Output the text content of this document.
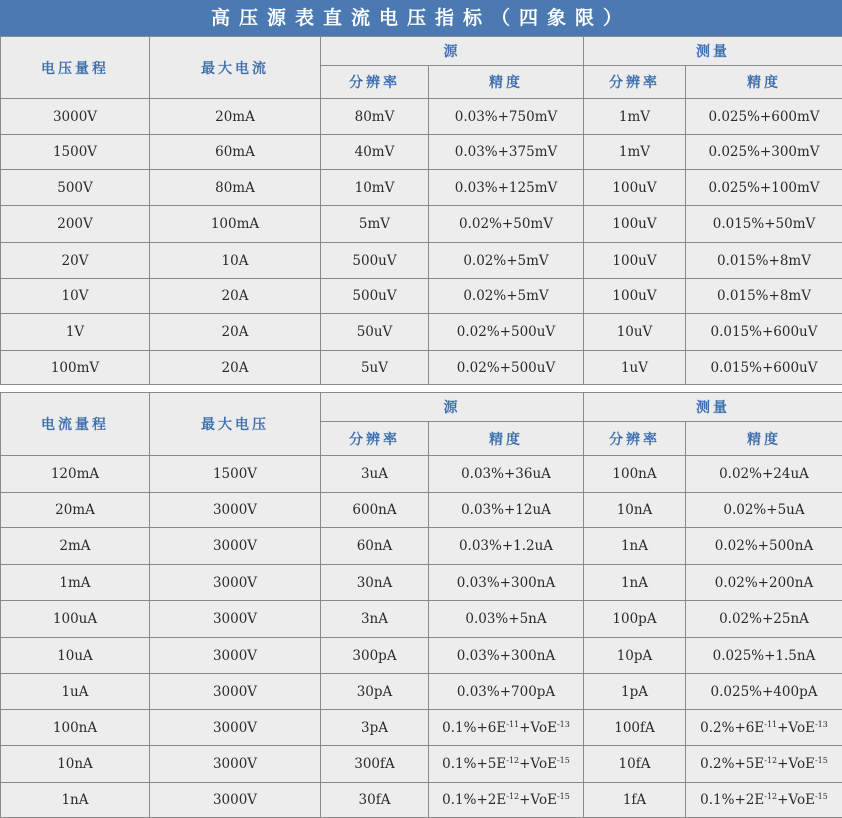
高压源表直流电压指标（四象限）
电压量程	最大电流	源		测量	
		分辨率	精度	分辨率	精度
3000V	20mA	80mV	0.03%+750mV	1mV	0.025%+600mV
1500V	60mA	40mV	0.03%+375mV	1mV	0.025%+300mV
500V	80mA	10mV	0.03%+125mV	100uV	0.025%+100mV
200V	100mA	5mV	0.02%+50mV	100uV	0.015%+50mV
20V	10A	500uV	0.02%+5mV	100uV	0.015%+8mV
10V	20A	500uV	0.02%+5mV	100uV	0.015%+8mV
1V	20A	50uV	0.02%+500uV	10uV	0.015%+600uV
100mV	20A	5uV	0.02%+500uV	1uV	0.015%+600uV
电流量程	最大电压	源		测量	
		分辨率	精度	分辨率	精度
120mA	1500V	3uA	0.03%+36uA	100nA	0.02%+24uA
20mA	3000V	600nA	0.03%+12uA	10nA	0.02%+5uA
2mA	3000V	60nA	0.03%+1.2uA	1nA	0.02%+500nA
1mA	3000V	30nA	0.03%+300nA	1nA	0.02%+200nA
100uA	3000V	3nA	0.03%+5nA	100pA	0.02%+25nA
10uA	3000V	300pA	0.03%+300nA	10pA	0.025%+1.5nA
1uA	3000V	30pA	0.03%+700pA	1pA	0.025%+400pA
100nA	3000V	3pA	$0.1\%+6E^{-11}+VoE^{-13}$	100fA	$0.2\%+6E^{-11}+VoE^{-13}$
10nA	3000V	300fA	$0.1\%+5E^{-12}+VoE^{-15}$	10fA	$0.2\%+5E^{-12}+VoE^{-15}$
1nA	3000V	30fA	$0.1\%+2E^{-12}+VoE^{-15}$	1fA	$0.1\%+2E^{-12}+VoE^{-15}$
